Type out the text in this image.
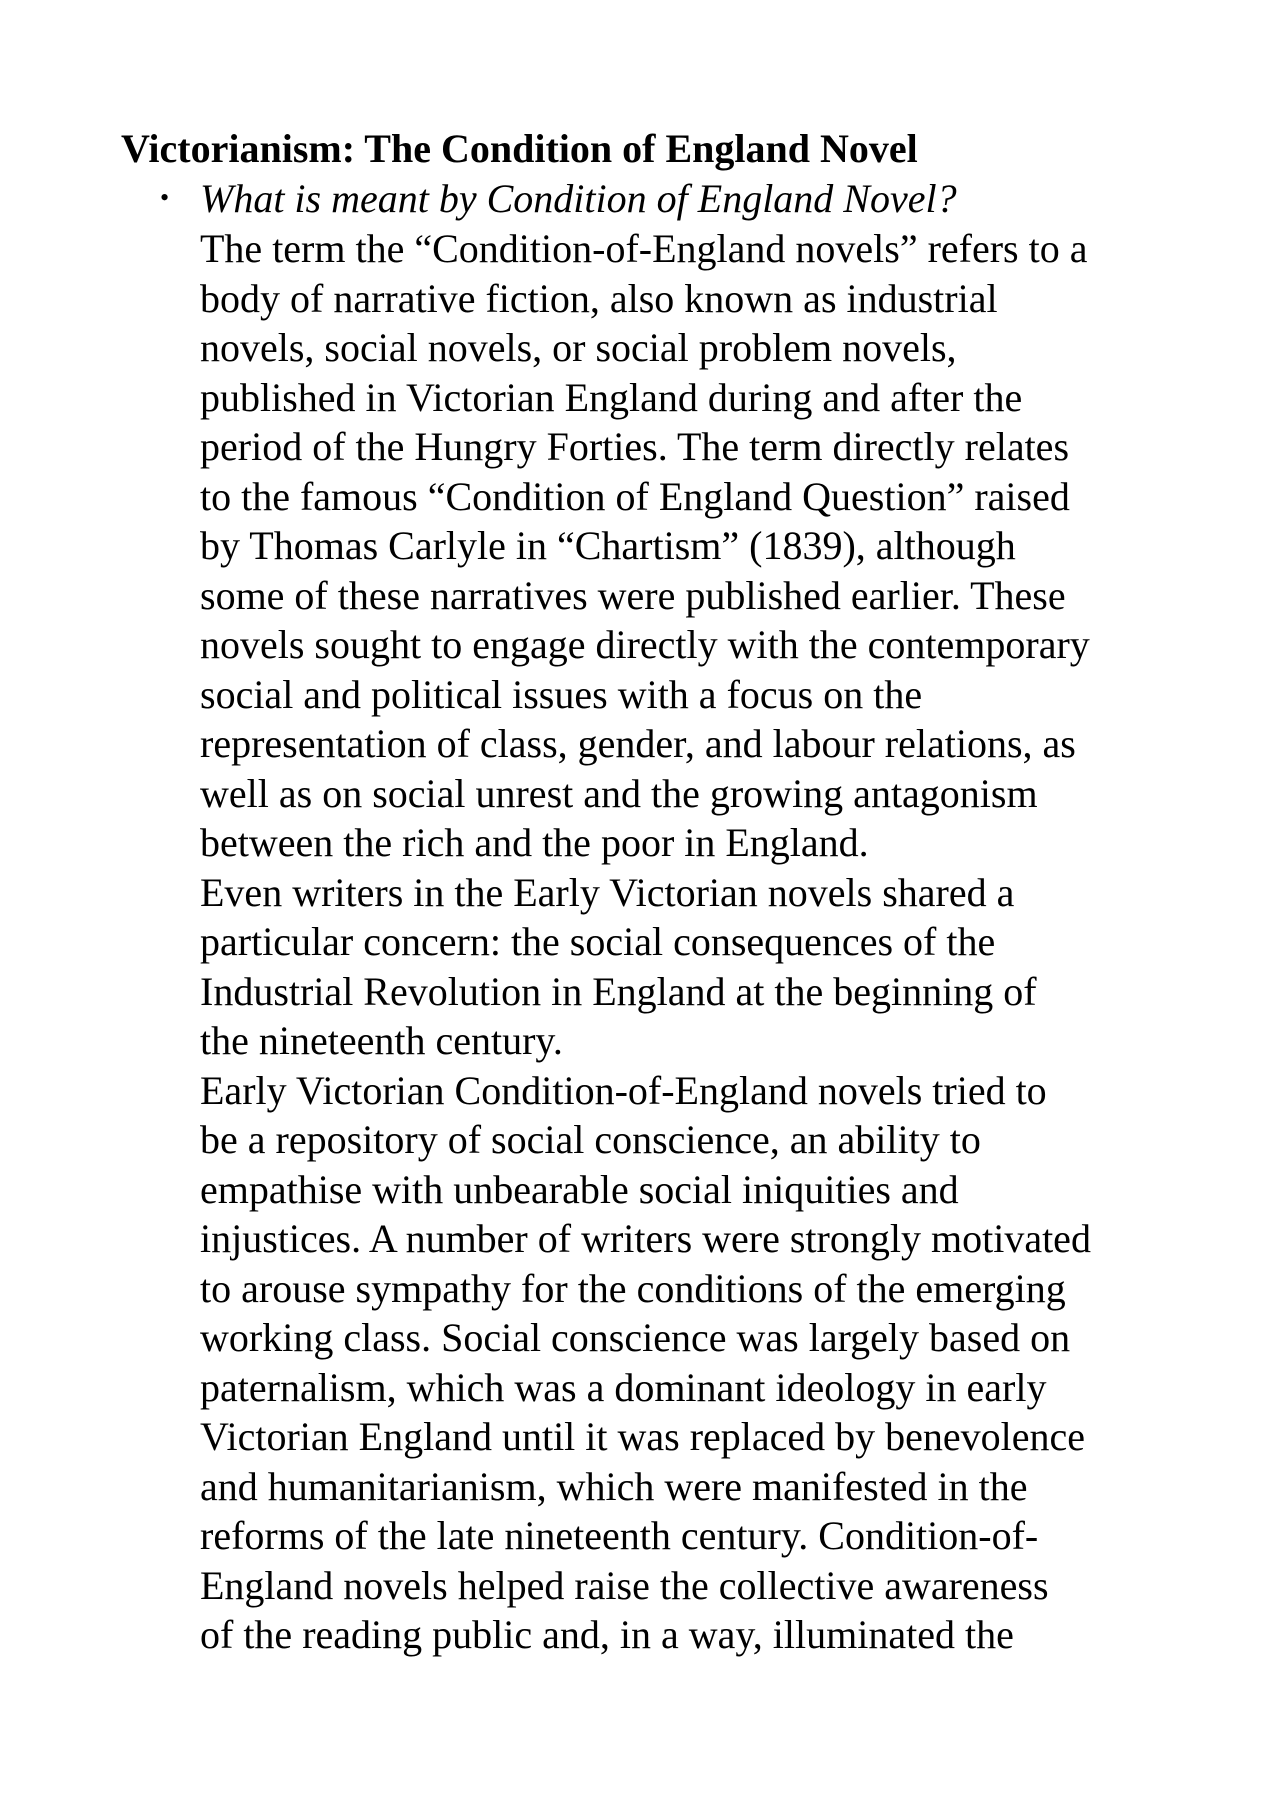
Victorianism: The Condition of England Novel
• What is meant by Condition of England Novel?
The term the “Condition-of-England novels” refers to a
body of narrative fiction, also known as industrial
novels, social novels, or social problem novels,
published in Victorian England during and after the
period of the Hungry Forties. The term directly relates
to the famous “Condition of England Question” raised
by Thomas Carlyle in “Chartism” (1839), although
some of these narratives were published earlier. These
novels sought to engage directly with the contemporary
social and political issues with a focus on the
representation of class, gender, and labour relations, as
well as on social unrest and the growing antagonism
between the rich and the poor in England.
Even writers in the Early Victorian novels shared a
particular concern: the social consequences of the
Industrial Revolution in England at the beginning of
the nineteenth century.
Early Victorian Condition-of-England novels tried to
be a repository of social conscience, an ability to
empathise with unbearable social iniquities and
injustices. A number of writers were strongly motivated
to arouse sympathy for the conditions of the emerging
working class. Social conscience was largely based on
paternalism, which was a dominant ideology in early
Victorian England until it was replaced by benevolence
and humanitarianism, which were manifested in the
reforms of the late nineteenth century. Condition-of-
England novels helped raise the collective awareness
of the reading public and, in a way, illuminated the
